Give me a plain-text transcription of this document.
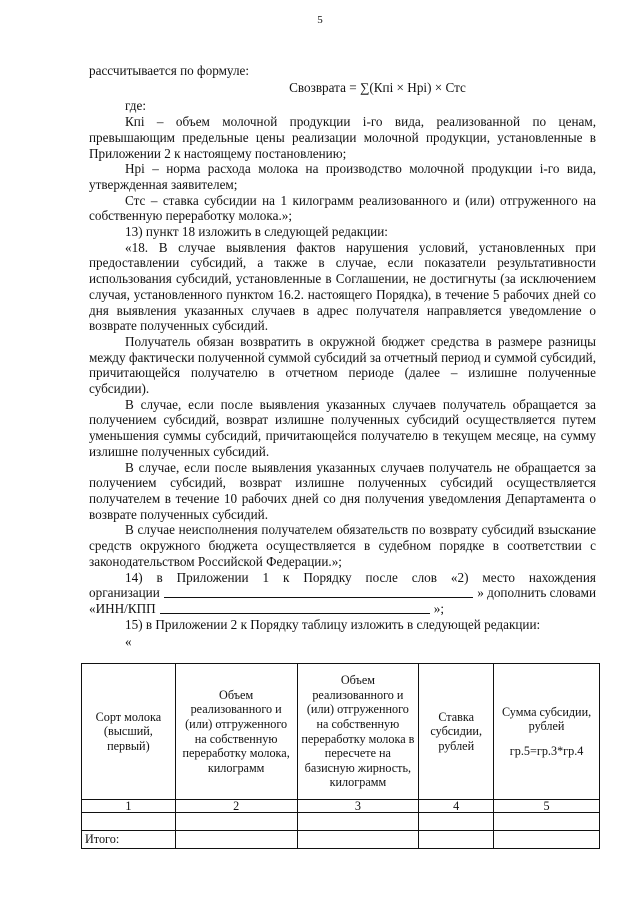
5

рассчитывается по формуле:

Cвозврата = ∑(Кпi × Нрi) × Стс

где:

Кпi – объем молочной продукции i-го вида, реализованной по ценам, превышающим предельные цены реализации молочной продукции, установленные в Приложении 2 к настоящему постановлению;

Нрi – норма расхода молока на производство молочной продукции i-го вида, утвержденная заявителем;

Стс – ставка субсидии на 1 килограмм реализованного и (или) отгруженного на собственную переработку молока.»;

13) пункт 18 изложить в следующей редакции:

«18. В случае выявления фактов нарушения условий, установленных при предоставлении субсидий, а также в случае, если показатели результативности использования субсидий, установленные в Соглашении, не достигнуты (за исключением случая, установленного пунктом 16.2. настоящего Порядка), в течение 5 рабочих дней со дня выявления указанных случаев в адрес получателя направляется уведомление о возврате полученных субсидий.

Получатель обязан возвратить в окружной бюджет средства в размере разницы между фактически полученной суммой субсидий за отчетный период и суммой субсидий, причитающейся получателю в отчетном периоде (далее – излишне полученные субсидии).

В случае, если после выявления указанных случаев получатель обращается за получением субсидий, возврат излишне полученных субсидий осуществляется путем уменьшения суммы субсидий, причитающейся получателю в текущем месяце, на сумму излишне полученных субсидий.

В случае, если после выявления указанных случаев получатель не обращается за получением субсидий, возврат излишне полученных субсидий осуществляется получателем в течение 10 рабочих дней со дня получения уведомления Департамента о возврате полученных субсидий.

В случае неисполнения получателем обязательств по возврату субсидий взыскание средств окружного бюджета осуществляется в судебном порядке в соответствии с законодательством Российской Федерации.»;

14) в Приложении 1 к Порядку после слов «2) место нахождения

организации	» дополнить словами
«ИНН/КПП	»;

15) в Приложении 2 к Порядку таблицу изложить в следующей редакции:

«

Сорт молока (высший, первый)	Объем реализованного и (или) отгруженного на собственную переработку молока, килограмм	Объем реализованного и (или) отгруженного на собственную переработку молока в пересчете на базисную жирность, килограмм	Ставка субсидии, рублей	Сумма субсидии, рублей
гр.5=гр.3*гр.4
1	2	3	4	5

Итого:				
